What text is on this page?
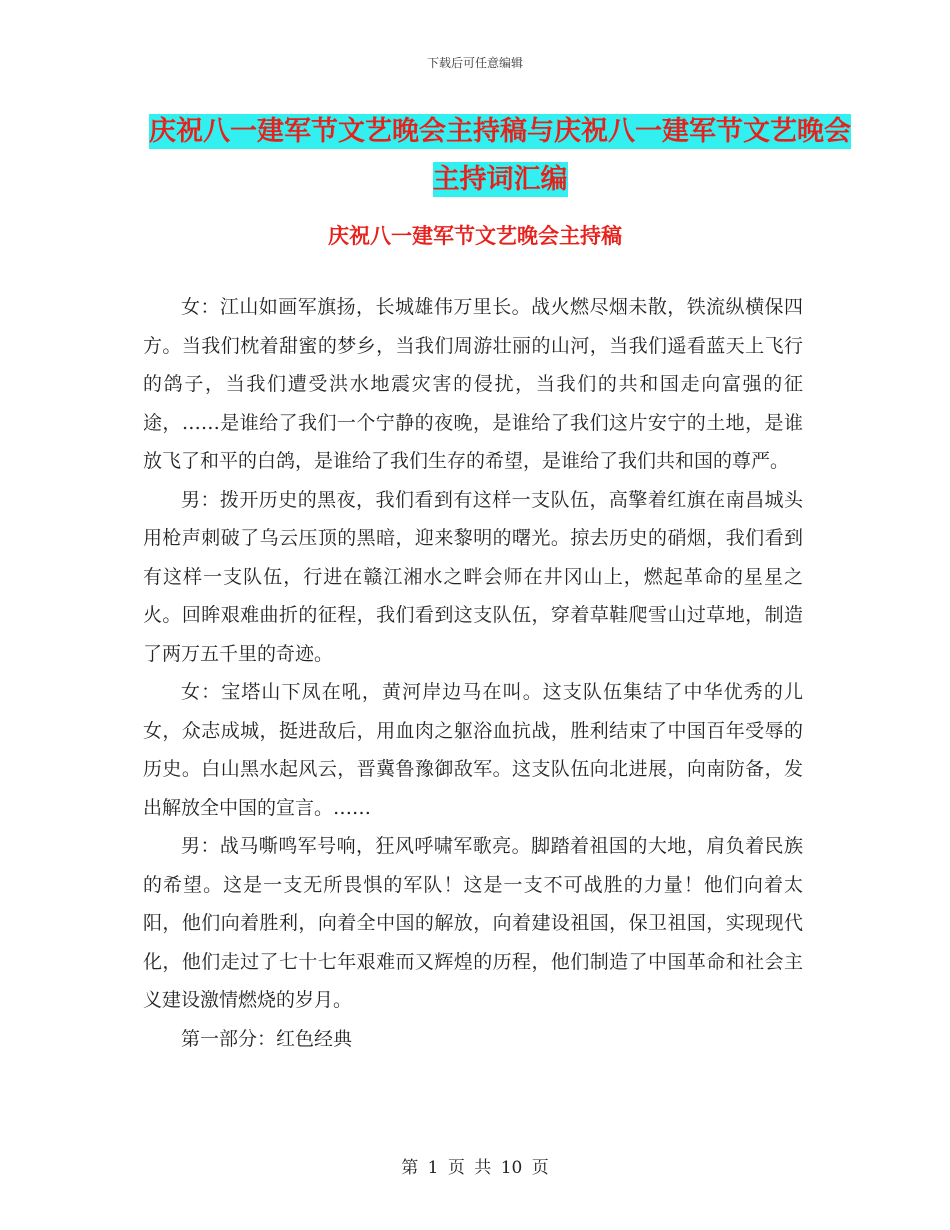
下载后可任意编辑
庆祝八一建军节文艺晚会主持稿与庆祝八一建军节文艺晚会主持词汇编
庆祝八一建军节文艺晚会主持稿

女：江山如画军旗扬，长城雄伟万里长。战火燃尽烟未散，铁流纵横保四方。当我们枕着甜蜜的梦乡，当我们周游壮丽的山河，当我们遥看蓝天上飞行的鸽子，当我们遭受洪水地震灾害的侵扰，当我们的共和国走向富强的征途，……是谁给了我们一个宁静的夜晚，是谁给了我们这片安宁的土地，是谁放飞了和平的白鸽，是谁给了我们生存的希望，是谁给了我们共和国的尊严。

男：拨开历史的黑夜，我们看到有这样一支队伍，高擎着红旗在南昌城头用枪声刺破了乌云压顶的黑暗，迎来黎明的曙光。掠去历史的硝烟，我们看到有这样一支队伍，行进在赣江湘水之畔会师在井冈山上，燃起革命的星星之火。回眸艰难曲折的征程，我们看到这支队伍，穿着草鞋爬雪山过草地，制造了两万五千里的奇迹。

女：宝塔山下凤在吼，黄河岸边马在叫。这支队伍集结了中华优秀的儿女，众志成城，挺进敌后，用血肉之躯浴血抗战，胜利结束了中国百年受辱的历史。白山黑水起风云，晋冀鲁豫御敌军。这支队伍向北进展，向南防备，发出解放全中国的宣言。……

男：战马嘶鸣军号响，狂风呼啸军歌亮。脚踏着祖国的大地，肩负着民族的希望。这是一支无所畏惧的军队！这是一支不可战胜的力量！他们向着太阳，他们向着胜利，向着全中国的解放，向着建设祖国，保卫祖国，实现现代化，他们走过了七十七年艰难而又辉煌的历程，他们制造了中国革命和社会主义建设激情燃烧的岁月。

第一部分：红色经典

第 1 页 共 10 页
